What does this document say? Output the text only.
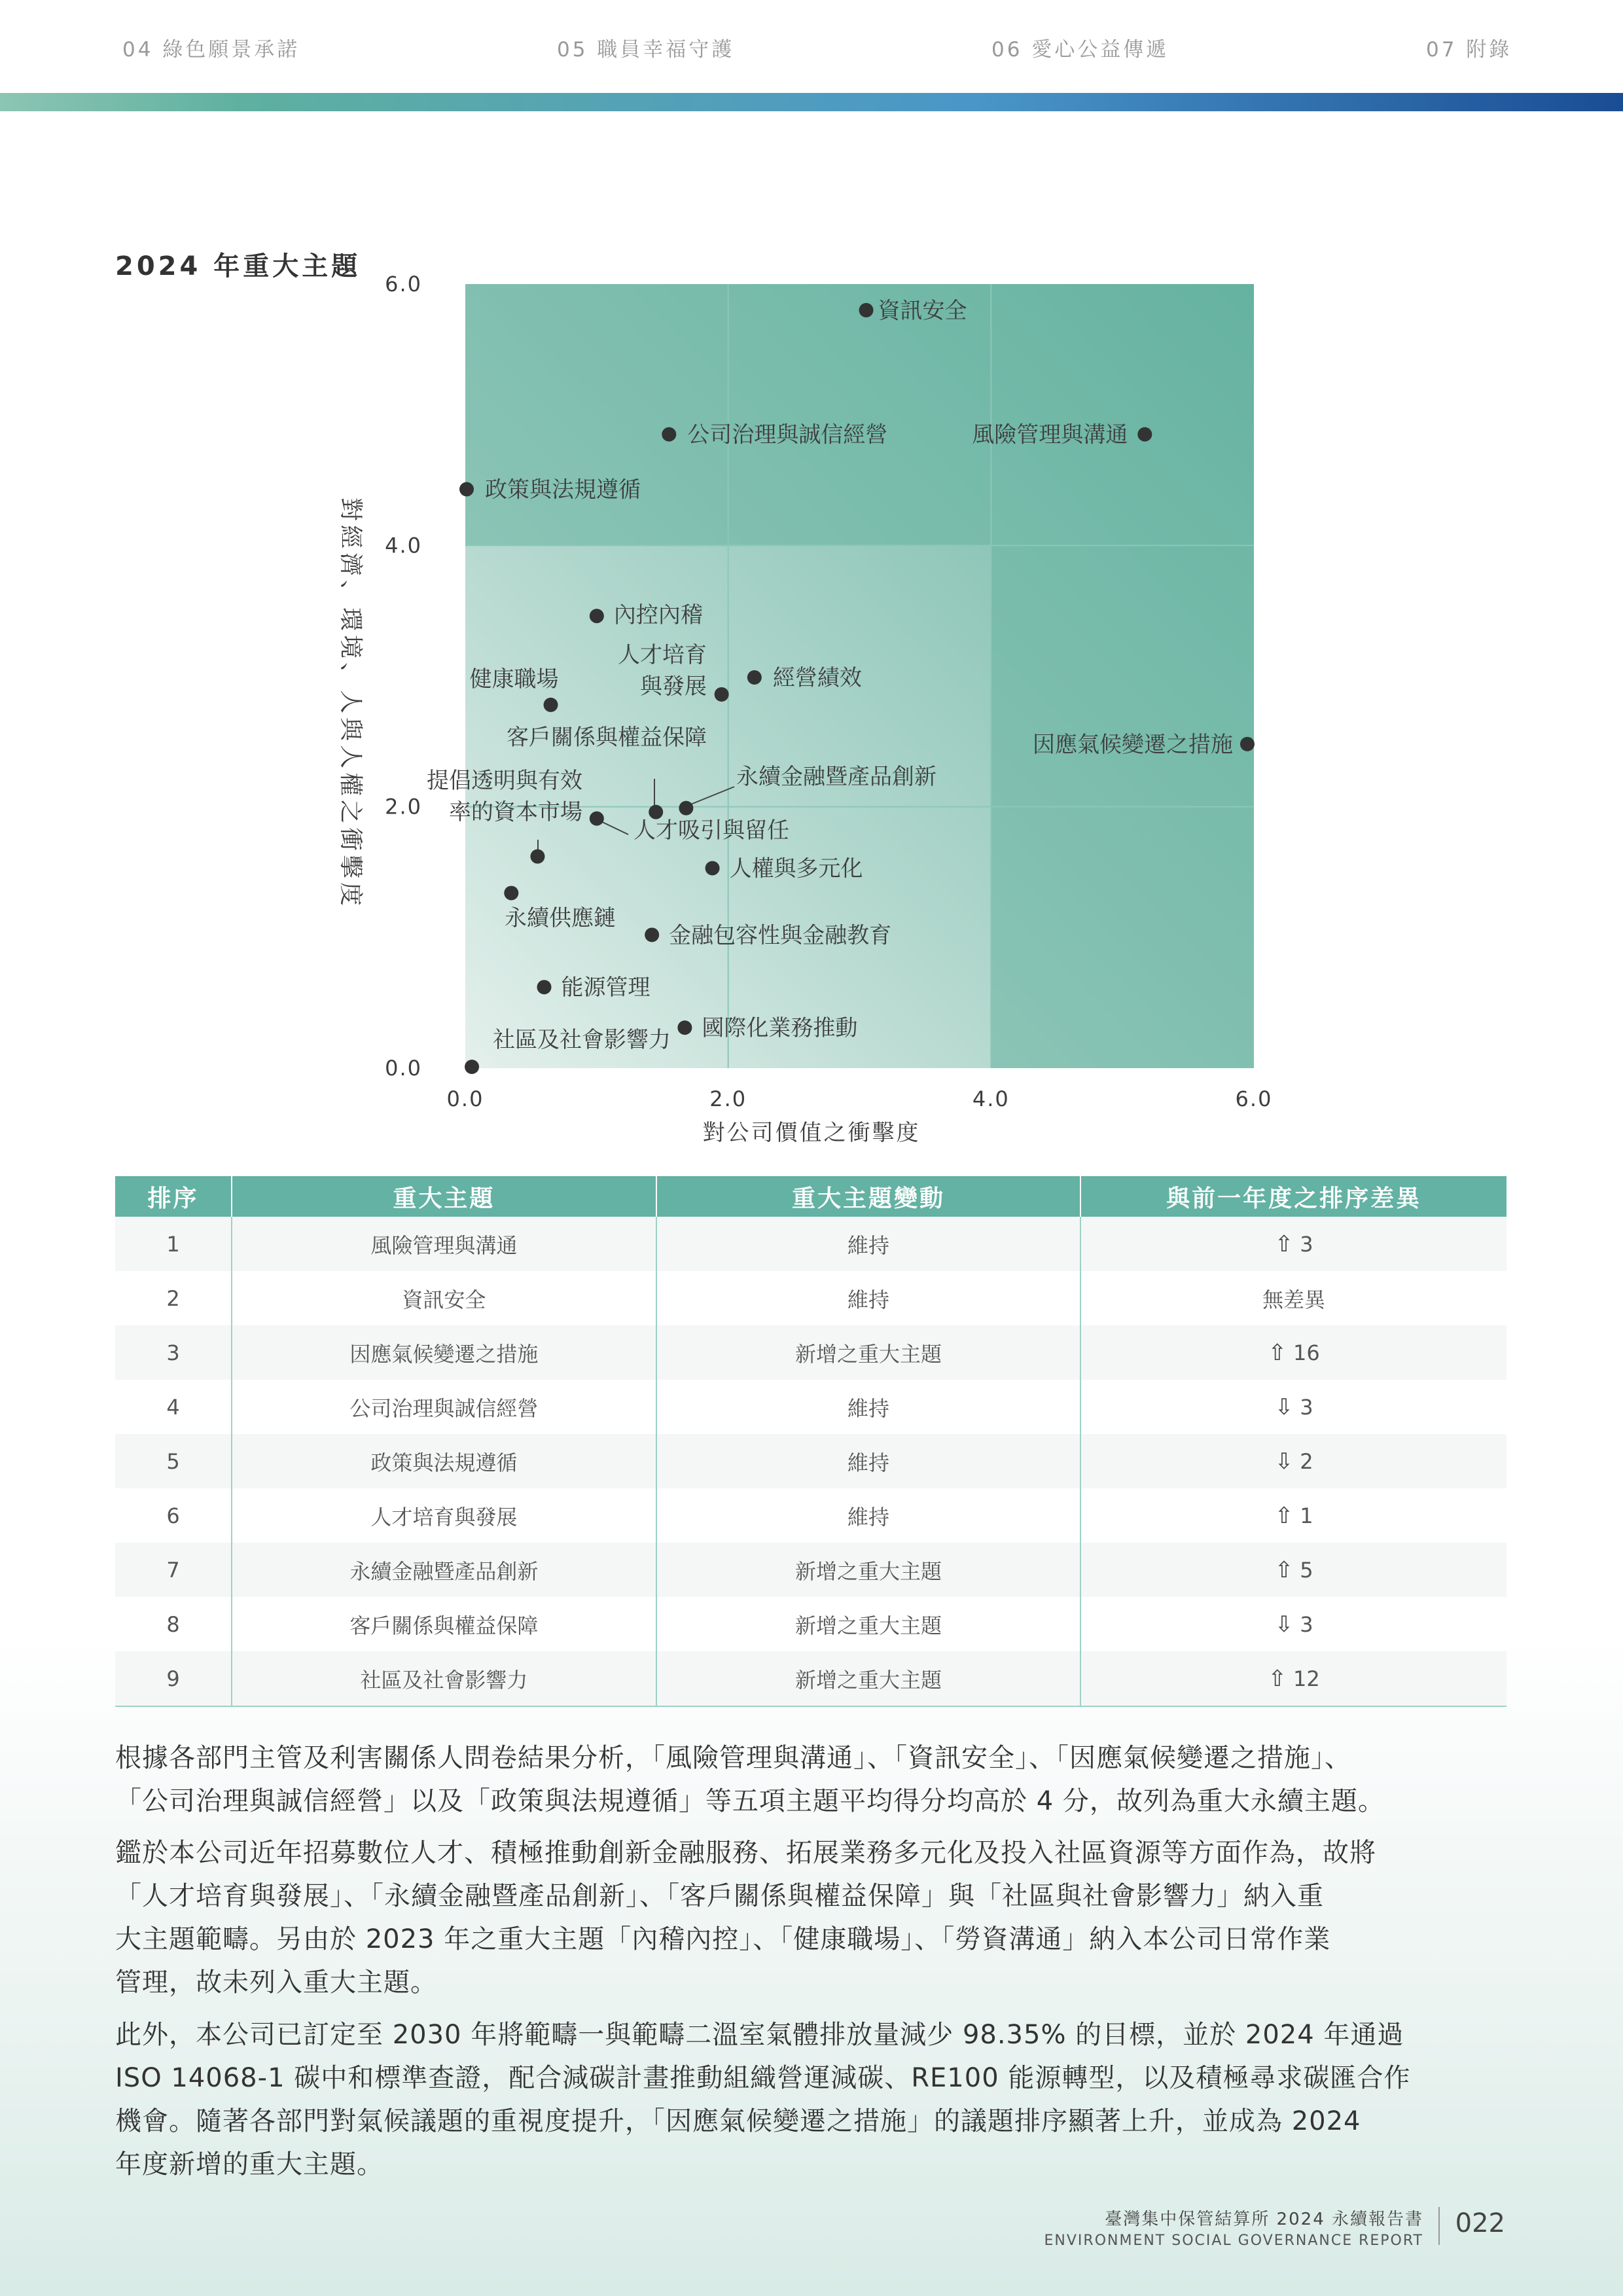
04 綠色願景承諾	05 職員幸福守護	06 愛心公益傳遞	07 附錄
2024 年重大主題
對公司價值之衝擊度
對經濟、環境、人與人權之衝擊度
0.0
0.0
2.0
2.0
4.0
4.0
6.0
6.0
資訊安全
公司治理與誠信經營	風險管理與溝通
政策與法規遵循
內控內稽
人才培育與發展	經營績效
健康職場
因應氣候變遷之措施
客戶關係與權益保障
永續金融暨產品創新
人才吸引與留任
提倡透明與有效率的資本市場
人權與多元化
永續供應鏈
金融包容性與金融教育
能源管理
國際化業務推動
社區及社會影響力
排序	重大主題	重大主題變動	與前一年度之排序差異
1	風險管理與溝通	維持	⇧ 3
2	資訊安全	維持	無差異
3	因應氣候變遷之措施	新增之重大主題	⇧ 16
4	公司治理與誠信經營	維持	⇩ 3
5	政策與法規遵循	維持	⇩ 2
6	人才培育與發展	維持	⇧ 1
7	永續金融暨產品創新	新增之重大主題	⇧ 5
8	客戶關係與權益保障	新增之重大主題	⇩ 3
9	社區及社會影響力	新增之重大主題	⇧ 12
根據各部門主管及利害關係人問卷結果分析，「風險管理與溝通」、「資訊安全」、「因應氣候變遷之措施」、
「公司治理與誠信經營」以及「政策與法規遵循」等五項主題平均得分均高於 4 分，故列為重大永續主題。
鑑於本公司近年招募數位人才、積極推動創新金融服務、拓展業務多元化及投入社區資源等方面作為，故將
「人才培育與發展」、「永續金融暨產品創新」、「客戶關係與權益保障」與「社區與社會影響力」納入重
大主題範疇。另由於 2023 年之重大主題「內稽內控」、「健康職場」、「勞資溝通」納入本公司日常作業
管理，故未列入重大主題。
此外，本公司已訂定至 2030 年將範疇一與範疇二溫室氣體排放量減少 98.35% 的目標，並於 2024 年通過
ISO 14068-1 碳中和標準查證，配合減碳計畫推動組織營運減碳、RE100 能源轉型，以及積極尋求碳匯合作
機會。隨著各部門對氣候議題的重視度提升，「因應氣候變遷之措施」的議題排序顯著上升，並成為 2024
年度新增的重大主題。
臺灣集中保管結算所 2024 永續報告書
ENVIRONMENT SOCIAL GOVERNANCE REPORT
022
